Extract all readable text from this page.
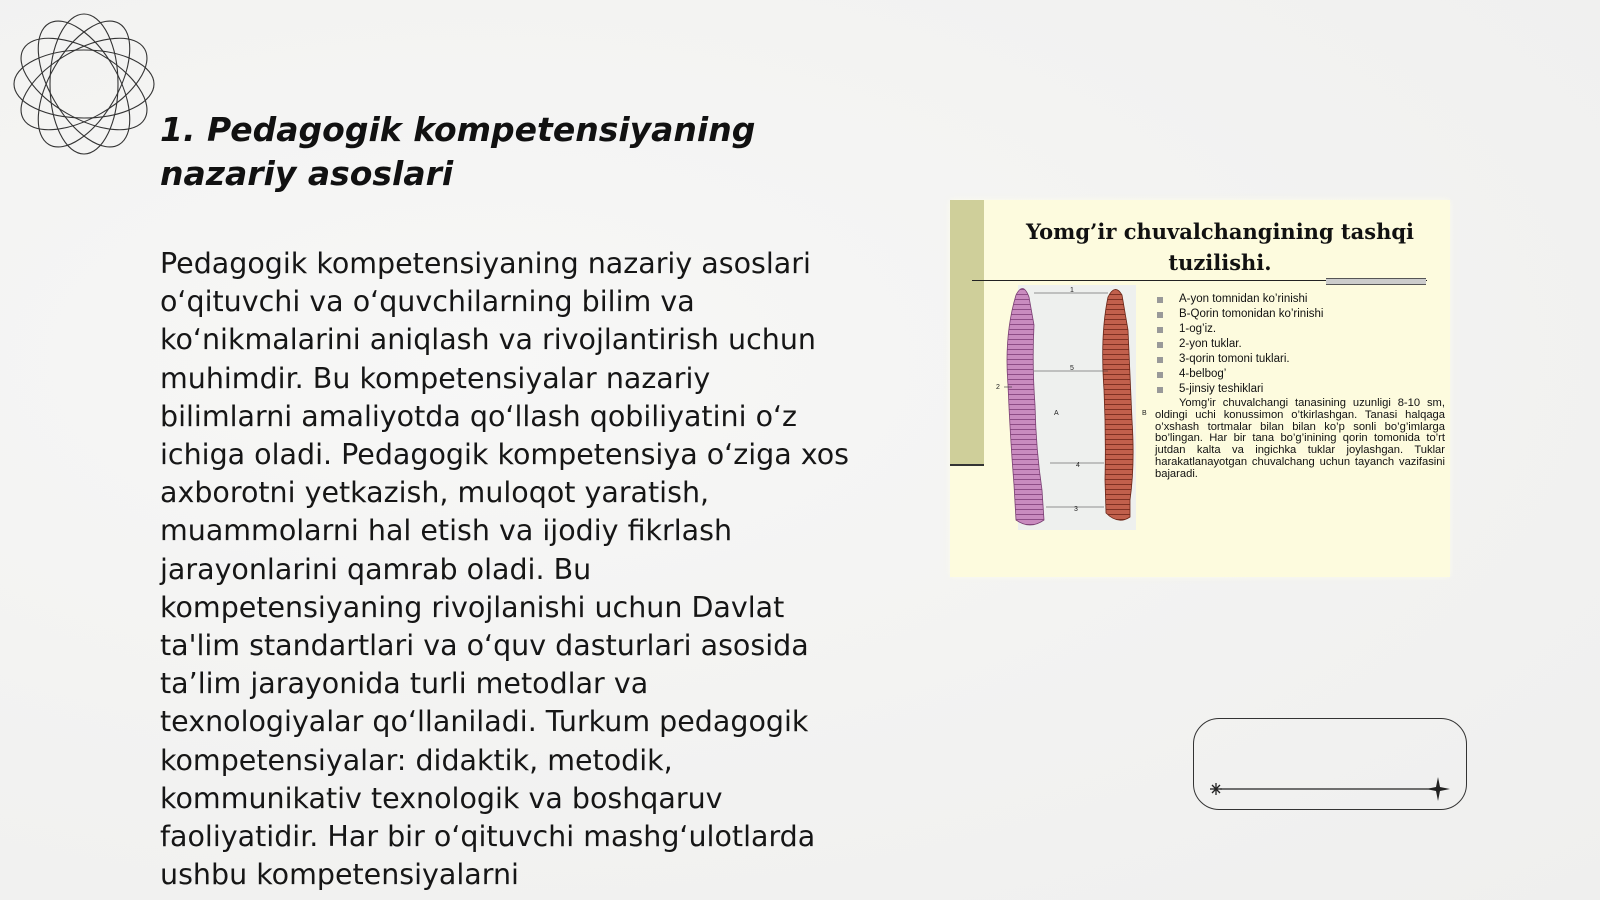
1. Pedagogik kompetensiyaning nazariy asoslari

Pedagogik kompetensiyaning nazariy asoslari oʻqituvchi va oʻquvchilarning bilim va koʻnikmalarini aniqlash va rivojlantirish uchun muhimdir. Bu kompetensiyalar nazariy bilimlarni amaliyotda qoʻllash qobiliyatini oʻz ichiga oladi. Pedagogik kompetensiya oʻziga xos axborotni yetkazish, muloqot yaratish, muammolarni hal etish va ijodiy fikrlash jarayonlarini qamrab oladi. Bu kompetensiyaning rivojlanishi uchun Davlat ta'lim standartlari va oʻquv dasturlari asosida ta’lim jarayonida turli metodlar va texnologiyalar qoʻllaniladi. Turkum pedagogik kompetensiyalar: didaktik, metodik, kommunikativ texnologik va boshqaruv faoliyatidir. Har bir oʻqituvchi mashgʻulotlarda ushbu kompetensiyalarni

Yomg’ir chuvalchangining tashqi tuzilishi.
1
2
3
4
5
A	B
A-yon tomnidan ko’rinishi
B-Qorin tomonidan ko’rinishi
1-og’iz.
2-yon tuklar.
3-qorin tomoni tuklari.
4-belbog’
5-jinsiy teshiklari
Yomg’ir chuvalchangi tanasining uzunligi 8-10 sm, oldingi uchi konussimon o’tkirlashgan. Tanasi halqaga o’xshash tortmalar bilan bilan ko’p sonli bo’g’imlarga bo’lingan. Har bir tana bo’g’inining qorin tomonida to’rt jutdan kalta va ingichka tuklar joylashgan. Tuklar harakatlanayotgan chuvalchang uchun tayanch vazifasini bajaradi.
